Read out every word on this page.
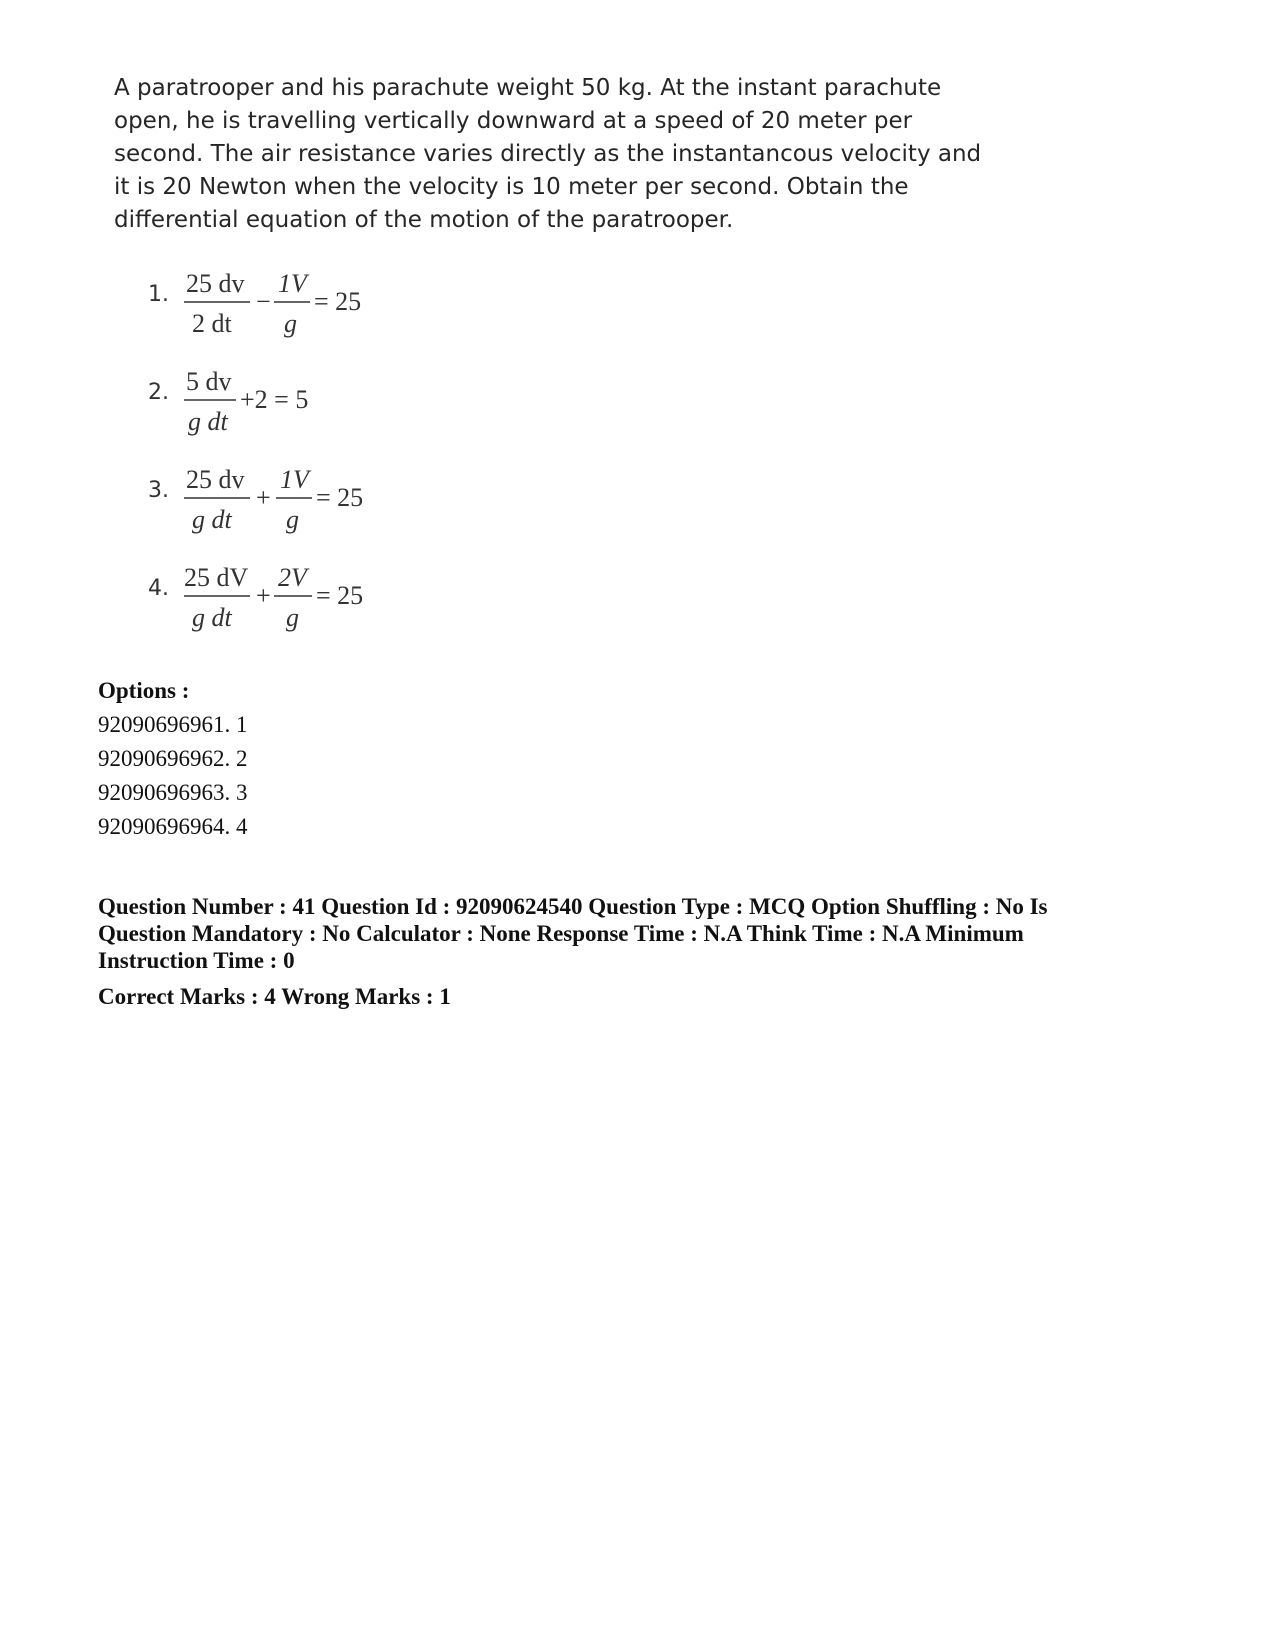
A paratrooper and his parachute weight 50 kg. At the instant parachute
open, he is travelling vertically downward at a speed of 20 meter per
second. The air resistance varies directly as the instantancous velocity and
it is 20 Newton when the velocity is 10 meter per second. Obtain the
differential equation of the motion of the paratrooper.
1. 25 dv
2 dt
−
1V
g
= 25
2. 5 dv
g dt
+2 = 5
3. 25 dv
g dt
+
1V
g
= 25
4. 25 dV
g dt
+
2V
g
= 25
Options :
92090696961. 1
92090696962. 2
92090696963. 3
92090696964. 4
Question Number : 41 Question Id : 92090624540 Question Type : MCQ Option Shuffling : No Is
Question Mandatory : No Calculator : None Response Time : N.A Think Time : N.A Minimum
Instruction Time : 0
Correct Marks : 4 Wrong Marks : 1
